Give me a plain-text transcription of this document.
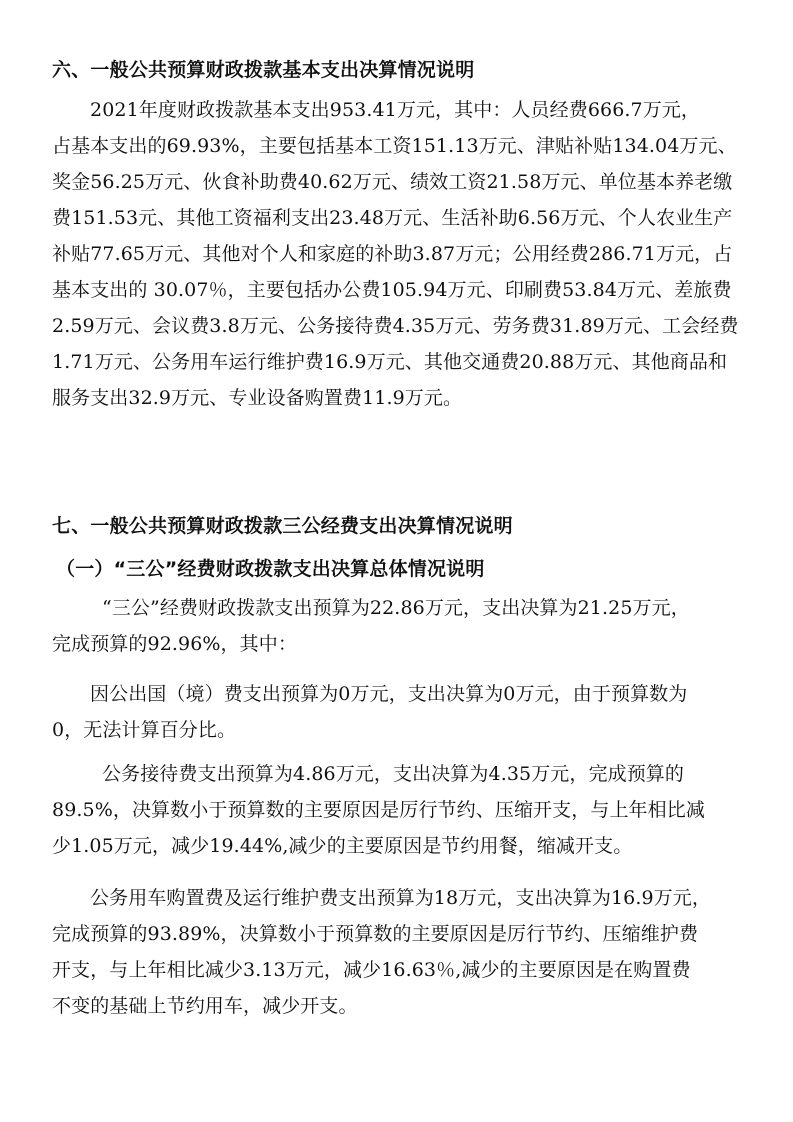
六、一般公共预算财政拨款基本支出决算情况说明
2021年度财政拨款基本支出953.41万元，其中：人员经费666.7万元，
占基本支出的69.93%，主要包括基本工资151.13万元、津贴补贴134.04万元、
奖金56.25万元、伙食补助费40.62万元、绩效工资21.58万元、单位基本养老缴
费151.53元、其他工资福利支出23.48万元、生活补助6.56万元、个人农业生产
补贴77.65万元、其他对个人和家庭的补助3.87万元；公用经费286.71万元，占
基本支出的 30.07％，主要包括办公费105.94万元、印刷费53.84万元、差旅费
2.59万元、会议费3.8万元、公务接待费4.35万元、劳务费31.89万元、工会经费
1.71万元、公务用车运行维护费16.9万元、其他交通费20.88万元、其他商品和
服务支出32.9万元、专业设备购置费11.9万元。
七、一般公共预算财政拨款三公经费支出决算情况说明
（一）“三公”经费财政拨款支出决算总体情况说明
“三公”经费财政拨款支出预算为22.86万元，支出决算为21.25万元，
完成预算的92.96%，其中：
因公出国（境）费支出预算为0万元，支出决算为0万元，由于预算数为
0，无法计算百分比。
公务接待费支出预算为4.86万元，支出决算为4.35万元，完成预算的
89.5%，决算数小于预算数的主要原因是厉行节约、压缩开支，与上年相比减
少1.05万元，减少19.44%,减少的主要原因是节约用餐，缩减开支。
公务用车购置费及运行维护费支出预算为18万元，支出决算为16.9万元，
完成预算的93.89%，决算数小于预算数的主要原因是厉行节约、压缩维护费
开支，与上年相比减少3.13万元，减少16.63％,减少的主要原因是在购置费
不变的基础上节约用车，减少开支。
